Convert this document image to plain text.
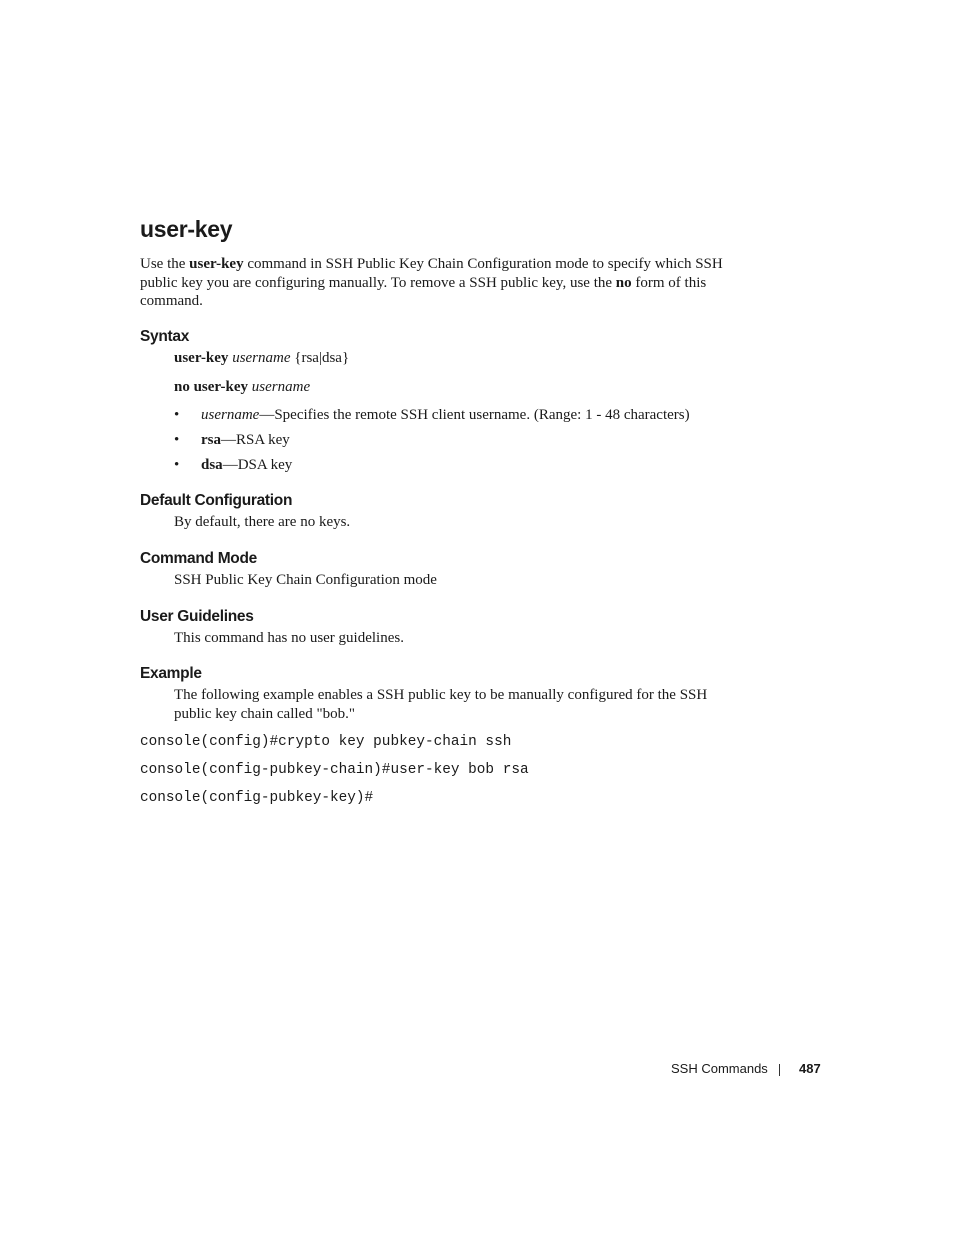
user-key

Use the user-key command in SSH Public Key Chain Configuration mode to specify which SSH public key you are configuring manually. To remove a SSH public key, use the no form of this command.

Syntax

user-key username {rsa|dsa}

no user-key username

• username—Specifies the remote SSH client username. (Range: 1 - 48 characters)

• rsa—RSA key

• dsa—DSA key

Default Configuration

By default, there are no keys.

Command Mode

SSH Public Key Chain Configuration mode

User Guidelines

This command has no user guidelines.

Example

The following example enables a SSH public key to be manually configured for the SSH public key chain called "bob."

console(config)#crypto key pubkey-chain ssh

console(config-pubkey-chain)#user-key bob rsa

console(config-pubkey-key)#

SSH Commands 487
